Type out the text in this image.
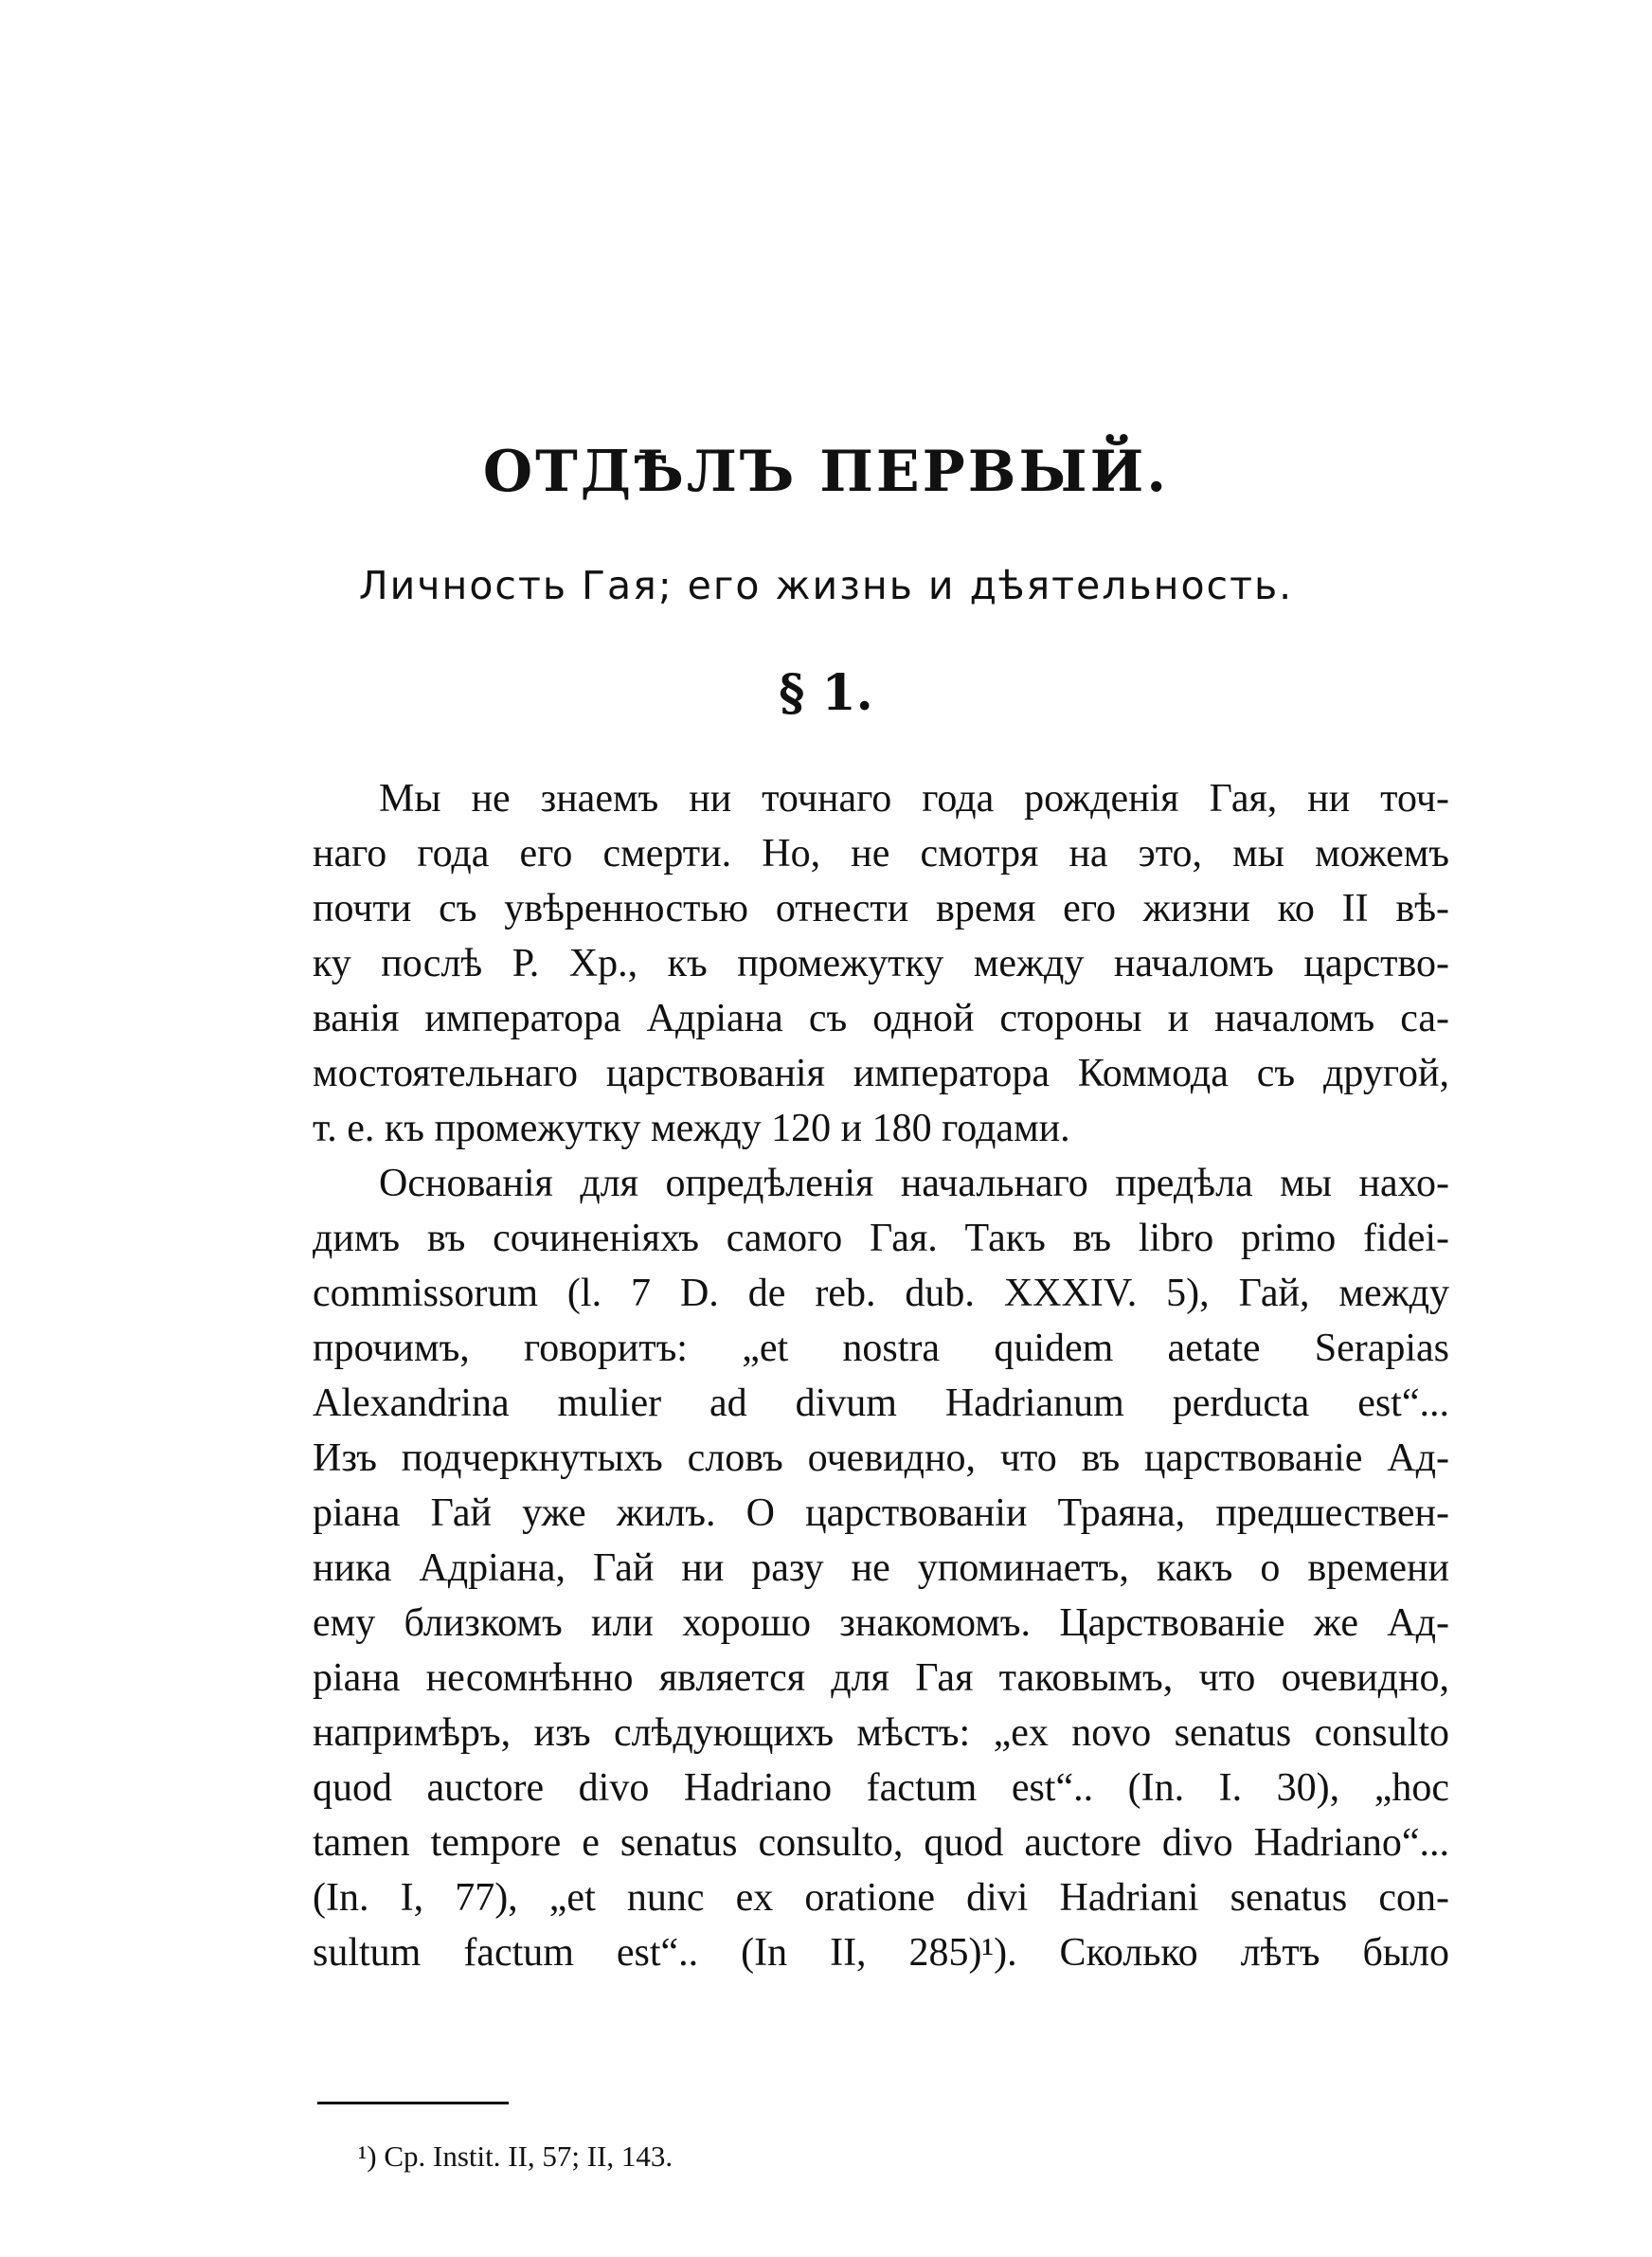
ОТДѢЛЪ ПЕРВЫЙ.
Личность Гая; его жизнь и дѣятельность.
§ 1.
Мы не знаемъ ни точнаго года рожденія Гая, ни точ-
наго года его смерти. Но, не смотря на это, мы можемъ
почти съ увѣренностью отнести время его жизни ко II вѣ-
ку послѣ Р. Хр., къ промежутку между началомъ царство-
ванія императора Адріана съ одной стороны и началомъ са-
мостоятельнаго царствованія императора Коммода съ другой,
т. е. къ промежутку между 120 и 180 годами.
Основанія для опредѣленія начальнаго предѣла мы нахо-
димъ въ сочиненіяхъ самого Гая. Такъ въ libro primo fidei-
commissorum (l. 7 D. de reb. dub. XXXIV. 5), Гай, между
прочимъ, говоритъ: „et nostra quidem aetate Serapias
Alexandrina mulier ad divum Hadrianum perducta est“...
Изъ подчеркнутыхъ словъ очевидно, что въ царствованіе Ад-
ріана Гай уже жилъ. О царствованіи Траяна, предшествен-
ника Адріана, Гай ни разу не упоминаетъ, какъ о времени
ему близкомъ или хорошо знакомомъ. Царствованіе же Ад-
ріана несомнѣнно является для Гая таковымъ, что очевидно,
напримѣръ, изъ слѣдующихъ мѣстъ: „ex novo senatus consulto
quod auctore divo Hadriano factum est“.. (In. I. 30), „hoc
tamen tempore e senatus consulto, quod auctore divo Hadriano“...
(In. I, 77), „et nunc ex oratione divi Hadriani senatus con-
sultum factum est“.. (In II, 285)¹). Сколько лѣтъ было
¹) Ср. Instit. II, 57; II, 143.
